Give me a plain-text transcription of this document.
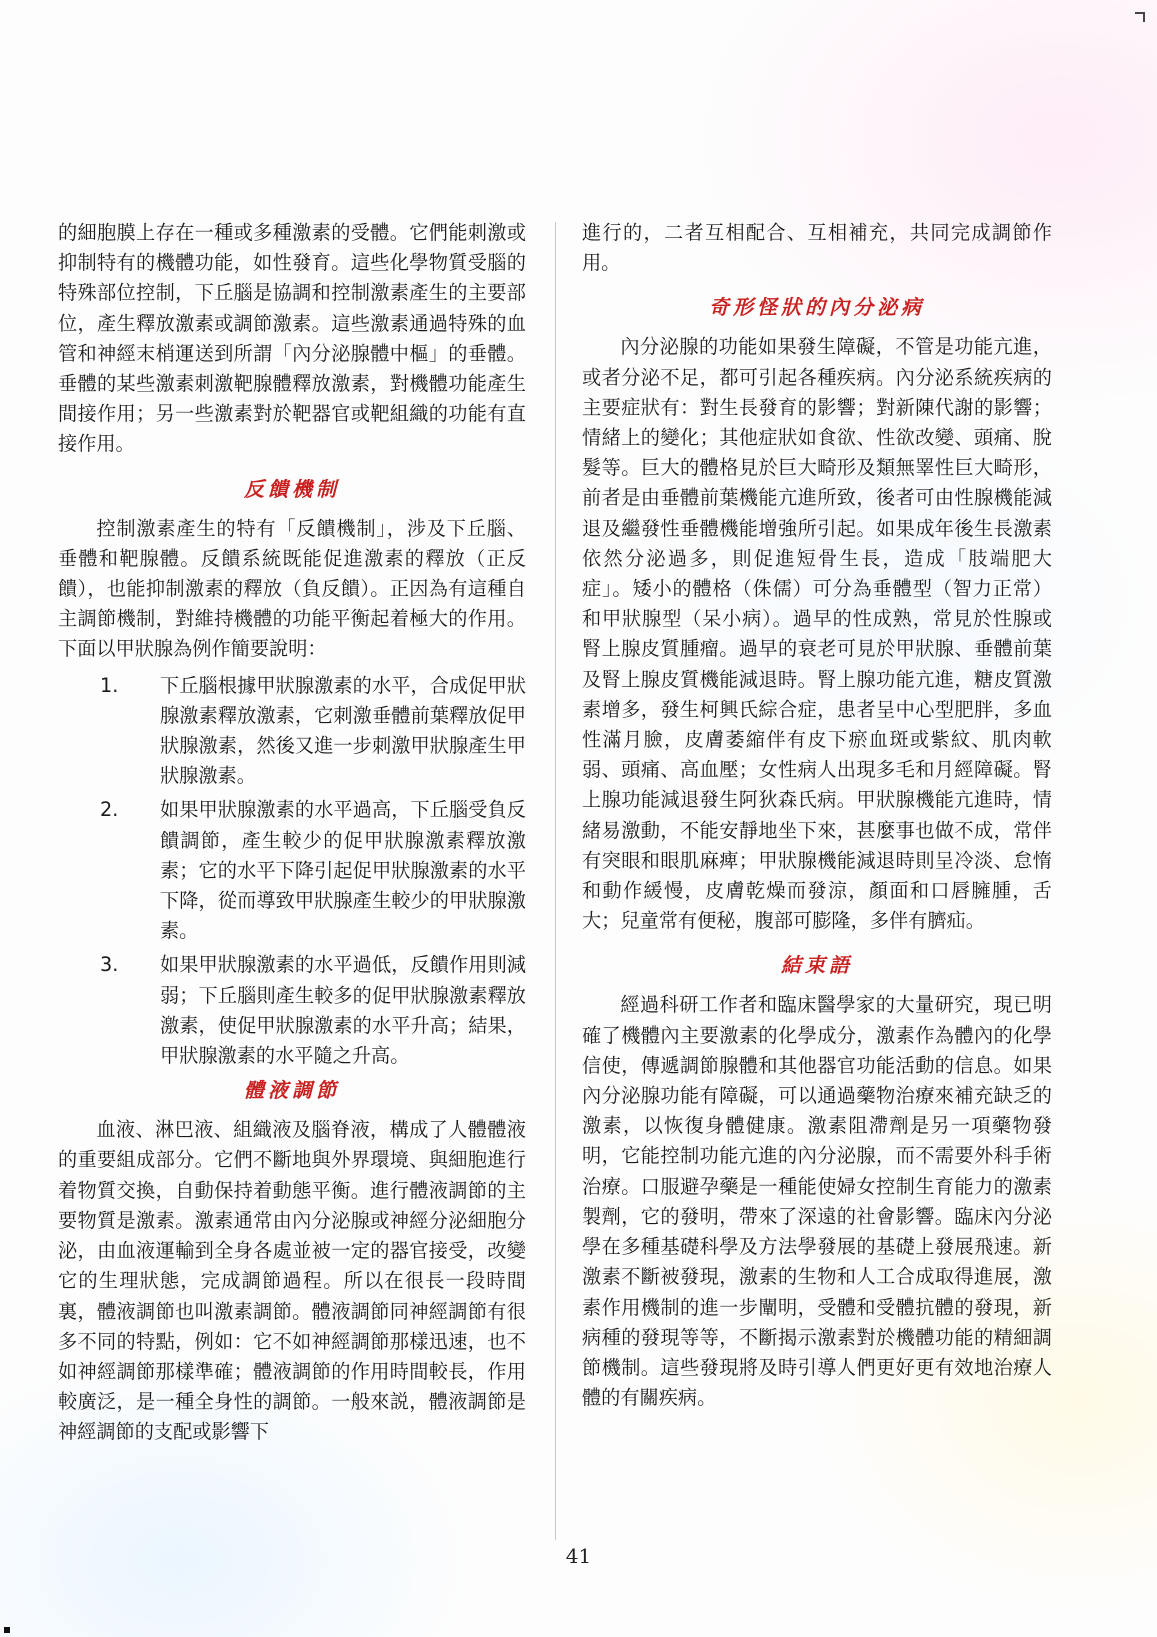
的細胞膜上存在一種或多種激素的受體。它們能刺激或抑制特有的機體功能，如性發育。這些化學物質受腦的特殊部位控制，下丘腦是協調和控制激素產生的主要部位，產生釋放激素或調節激素。這些激素通過特殊的血管和神經末梢運送到所謂「內分泌腺體中樞」的垂體。垂體的某些激素刺激靶腺體釋放激素，對機體功能產生間接作用；另一些激素對於靶器官或靶組織的功能有直接作用。

反饋機制

控制激素產生的特有「反饋機制」，涉及下丘腦、垂體和靶腺體。反饋系統既能促進激素的釋放（正反饋），也能抑制激素的釋放（負反饋）。正因為有這種自主調節機制，對維持機體的功能平衡起着極大的作用。下面以甲狀腺為例作簡要說明：

1.	下丘腦根據甲狀腺激素的水平，合成促甲狀腺激素釋放激素，它刺激垂體前葉釋放促甲狀腺激素，然後又進一步刺激甲狀腺產生甲狀腺激素。
2.	如果甲狀腺激素的水平過高，下丘腦受負反饋調節，產生較少的促甲狀腺激素釋放激素；它的水平下降引起促甲狀腺激素的水平下降，從而導致甲狀腺產生較少的甲狀腺激素。
3.	如果甲狀腺激素的水平過低，反饋作用則減弱；下丘腦則產生較多的促甲狀腺激素釋放激素，使促甲狀腺激素的水平升高；結果，甲狀腺激素的水平隨之升高。
體液調節

血液、淋巴液、組織液及腦脊液，構成了人體體液的重要組成部分。它們不斷地與外界環境、與細胞進行着物質交換，自動保持着動態平衡。進行體液調節的主要物質是激素。激素通常由內分泌腺或神經分泌細胞分泌，由血液運輸到全身各處並被一定的器官接受，改變它的生理狀態，完成調節過程。所以在很長一段時間裏，體液調節也叫激素調節。體液調節同神經調節有很多不同的特點，例如：它不如神經調節那樣迅速，也不如神經調節那樣準確；體液調節的作用時間較長，作用較廣泛，是一種全身性的調節。一般來説，體液調節是神經調節的支配或影響下

進行的，二者互相配合、互相補充，共同完成調節作用。

奇形怪狀的內分泌病

內分泌腺的功能如果發生障礙，不管是功能亢進，或者分泌不足，都可引起各種疾病。內分泌系統疾病的主要症狀有：對生長發育的影響；對新陳代謝的影響；情緒上的變化；其他症狀如食欲、性欲改變、頭痛、脫髮等。巨大的體格見於巨大畸形及類無睪性巨大畸形，前者是由垂體前葉機能亢進所致，後者可由性腺機能減退及繼發性垂體機能增強所引起。如果成年後生長激素依然分泌過多，則促進短骨生長，造成「肢端肥大症」。矮小的體格（侏儒）可分為垂體型（智力正常）和甲狀腺型（呆小病）。過早的性成熟，常見於性腺或腎上腺皮質腫瘤。過早的衰老可見於甲狀腺、垂體前葉及腎上腺皮質機能減退時。腎上腺功能亢進，糖皮質激素增多，發生柯興氏綜合症，患者呈中心型肥胖，多血性滿月臉，皮膚萎縮伴有皮下瘀血斑或紫紋、肌肉軟弱、頭痛、高血壓；女性病人出現多毛和月經障礙。腎上腺功能減退發生阿狄森氏病。甲狀腺機能亢進時，情緒易激動，不能安靜地坐下來，甚麼事也做不成，常伴有突眼和眼肌麻痺；甲狀腺機能減退時則呈冷淡、怠惰和動作緩慢，皮膚乾燥而發涼，顏面和口唇臃腫，舌大；兒童常有便秘，腹部可膨隆，多伴有臍疝。

結束語

經過科研工作者和臨床醫學家的大量研究，現已明確了機體內主要激素的化學成分，激素作為體內的化學信使，傳遞調節腺體和其他器官功能活動的信息。如果內分泌腺功能有障礙，可以通過藥物治療來補充缺乏的激素，以恢復身體健康。激素阻滯劑是另一項藥物發明，它能控制功能亢進的內分泌腺，而不需要外科手術治療。口服避孕藥是一種能使婦女控制生育能力的激素製劑，它的發明，帶來了深遠的社會影響。臨床內分泌學在多種基礎科學及方法學發展的基礎上發展飛速。新激素不斷被發現，激素的生物和人工合成取得進展，激素作用機制的進一步闡明，受體和受體抗體的發現，新病種的發現等等，不斷揭示激素對於機體功能的精細調節機制。這些發現將及時引導人們更好更有效地治療人體的有關疾病。

41
